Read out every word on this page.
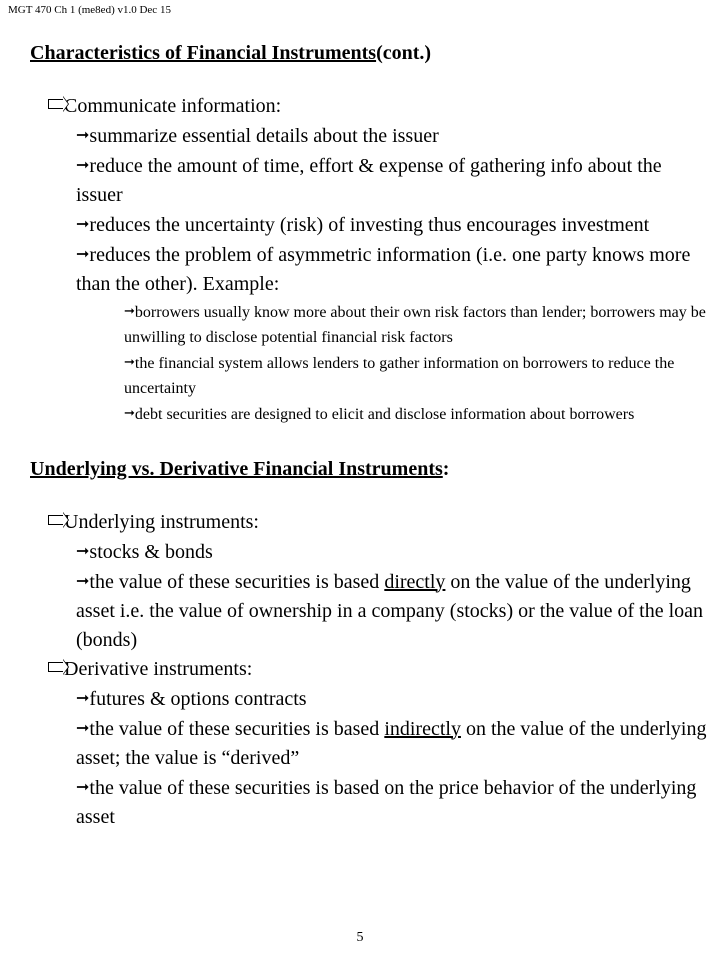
MGT 470 Ch 1 (me8ed) v1.0 Dec 15
Characteristics of Financial Instruments(cont.)
Communicate information:
➞summarize essential details about the issuer
➞reduce the amount of time, effort & expense of gathering info about the issuer
➞reduces the uncertainty (risk) of investing thus encourages investment
➞reduces the problem of asymmetric information (i.e. one party knows more than the other). Example:
➞borrowers usually know more about their own risk factors than lender; borrowers may be unwilling to disclose potential financial risk factors
➞the financial system allows lenders to gather information on borrowers to reduce the uncertainty
➞debt securities are designed to elicit and disclose information about borrowers
Underlying vs. Derivative Financial Instruments:
Underlying instruments:
➞stocks & bonds
➞the value of these securities is based directly on the value of the underlying asset i.e. the value of ownership in a company (stocks) or the value of the loan (bonds)
Derivative instruments:
➞futures & options contracts
➞the value of these securities is based indirectly on the value of the underlying asset; the value is “derived”
➞the value of these securities is based on the price behavior of the underlying asset
5
